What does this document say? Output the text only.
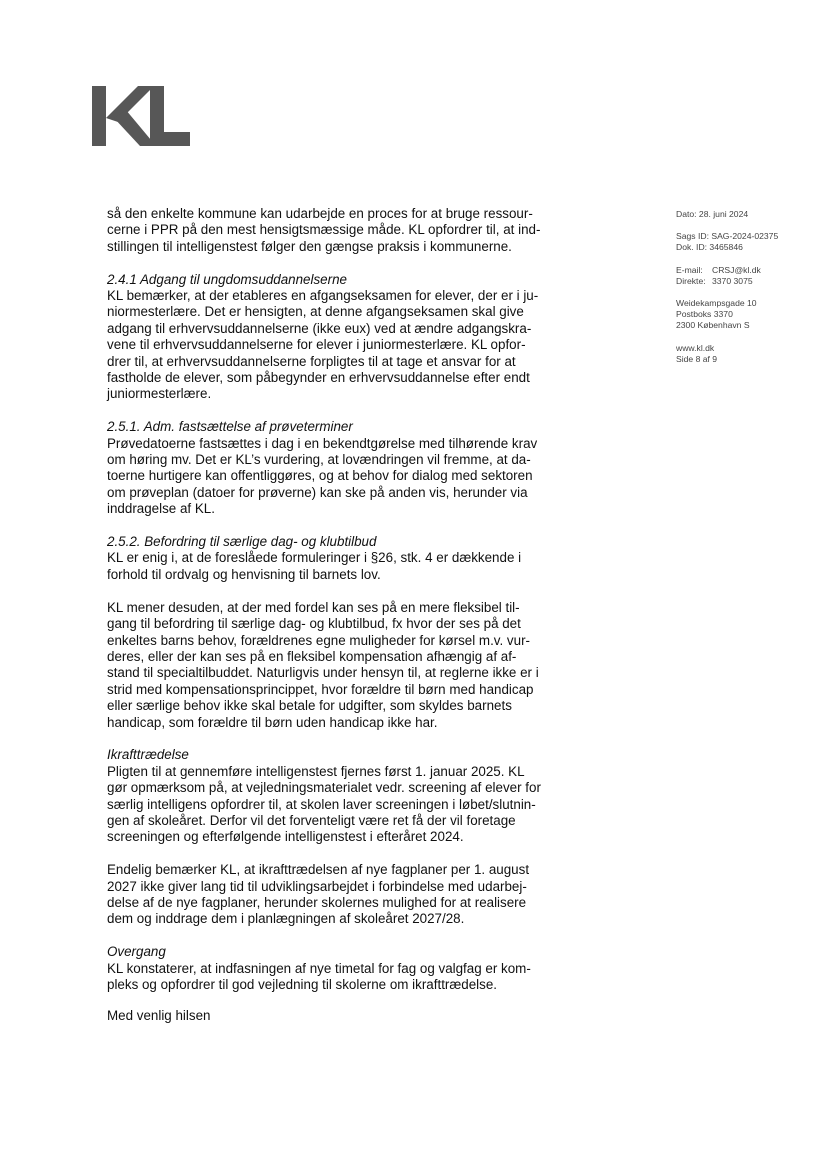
Dato: 28. juni 2024
Sags ID: SAG-2024-02375
Dok. ID: 3465846
E-mail:	CRSJ@kl.dk
Direkte: 3370 3075
Weidekampsgade 10
Postboks 3370
2300 København S
www.kl.dk
Side 8 af 9

så den enkelte kommune kan udarbejde en proces for at bruge ressour-

cerne i PPR på den mest hensigtsmæssige måde. KL opfordrer til, at ind-

stillingen til intelligenstest følger den gængse praksis i kommunerne.

2.4.1 Adgang til ungdomsuddannelserne

KL bemærker, at der etableres en afgangseksamen for elever, der er i ju-

niormesterlære. Det er hensigten, at denne afgangseksamen skal give

adgang til erhvervsuddannelserne (ikke eux) ved at ændre adgangskra-

vene til erhvervsuddannelserne for elever i juniormesterlære. KL opfor-

drer til, at erhvervsuddannelserne forpligtes til at tage et ansvar for at

fastholde de elever, som påbegynder en erhvervsuddannelse efter endt

juniormesterlære.

2.5.1. Adm. fastsættelse af prøveterminer

Prøvedatoerne fastsættes i dag i en bekendtgørelse med tilhørende krav

om høring mv. Det er KL’s vurdering, at lovændringen vil fremme, at da-

toerne hurtigere kan offentliggøres, og at behov for dialog med sektoren

om prøveplan (datoer for prøverne) kan ske på anden vis, herunder via

inddragelse af KL.

2.5.2. Befordring til særlige dag- og klubtilbud

KL er enig i, at de foreslåede formuleringer i §26, stk. 4 er dækkende i

forhold til ordvalg og henvisning til barnets lov.

KL mener desuden, at der med fordel kan ses på en mere fleksibel til-

gang til befordring til særlige dag- og klubtilbud, fx hvor der ses på det

enkeltes barns behov, forældrenes egne muligheder for kørsel m.v. vur-

deres, eller der kan ses på en fleksibel kompensation afhængig af af-

stand til specialtilbuddet. Naturligvis under hensyn til, at reglerne ikke er i

strid med kompensationsprincippet, hvor forældre til børn med handicap

eller særlige behov ikke skal betale for udgifter, som skyldes barnets

handicap, som forældre til børn uden handicap ikke har.

Ikrafttrædelse

Pligten til at gennemføre intelligenstest fjernes først 1. januar 2025. KL

gør opmærksom på, at vejledningsmaterialet vedr. screening af elever for

særlig intelligens opfordrer til, at skolen laver screeningen i løbet/slutnin-

gen af skoleåret. Derfor vil det forventeligt være ret få der vil foretage

screeningen og efterfølgende intelligenstest i efteråret 2024.

Endelig bemærker KL, at ikrafttrædelsen af nye fagplaner per 1. august

2027 ikke giver lang tid til udviklingsarbejdet i forbindelse med udarbej-

delse af de nye fagplaner, herunder skolernes mulighed for at realisere

dem og inddrage dem i planlægningen af skoleåret 2027/28.

Overgang

KL konstaterer, at indfasningen af nye timetal for fag og valgfag er kom-

pleks og opfordrer til god vejledning til skolerne om ikrafttrædelse.

Med venlig hilsen
